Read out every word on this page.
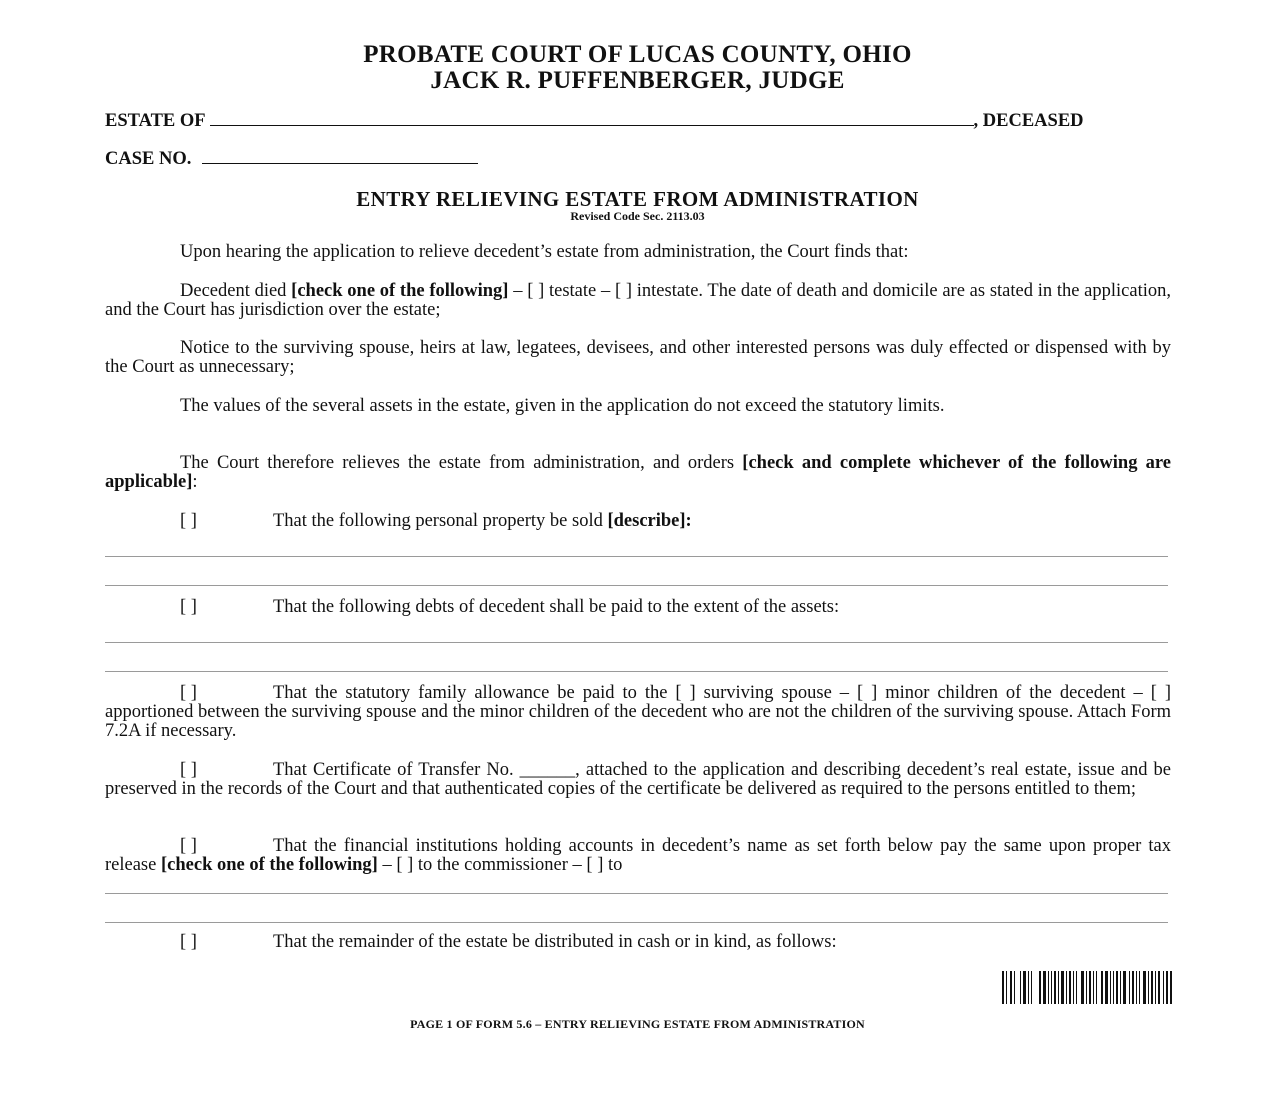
PROBATE COURT OF LUCAS COUNTY, OHIO
JACK R. PUFFENBERGER, JUDGE
ESTATE OF	, DECEASED
CASE NO.
ENTRY RELIEVING ESTATE FROM ADMINISTRATION
Revised Code Sec. 2113.03
Upon hearing the application to relieve decedent’s estate from administration, the Court finds that:
Decedent died [check one of the following] – [ ] testate – [ ] intestate. The date of death and domicile are as stated in the application, and the Court has jurisdiction over the estate;
Notice to the surviving spouse, heirs at law, legatees, devisees, and other interested persons was duly effected or dispensed with by the Court as unnecessary;
The values of the several assets in the estate, given in the application do not exceed the statutory limits.
The Court therefore relieves the estate from administration, and orders [check and complete whichever of the following are applicable]:
[ ]	That the following personal property be sold [describe]:
[ ]	That the following debts of decedent shall be paid to the extent of the assets:
[ ]	That the statutory family allowance be paid to the [ ] surviving spouse – [ ] minor children of the decedent – [ ] apportioned between the surviving spouse and the minor children of the decedent who are not the children of the surviving spouse. Attach Form 7.2A if necessary.
[ ]	That Certificate of Transfer No. ______, attached to the application and describing decedent’s real estate, issue and be preserved in the records of the Court and that authenticated copies of the certificate be delivered as required to the persons entitled to them;
[ ]	That the financial institutions holding accounts in decedent’s name as set forth below pay the same upon proper tax release [check one of the following] – [ ] to the commissioner – [ ] to
[ ]	That the remainder of the estate be distributed in cash or in kind, as follows:
PAGE 1 OF FORM 5.6 – ENTRY RELIEVING ESTATE FROM ADMINISTRATION
